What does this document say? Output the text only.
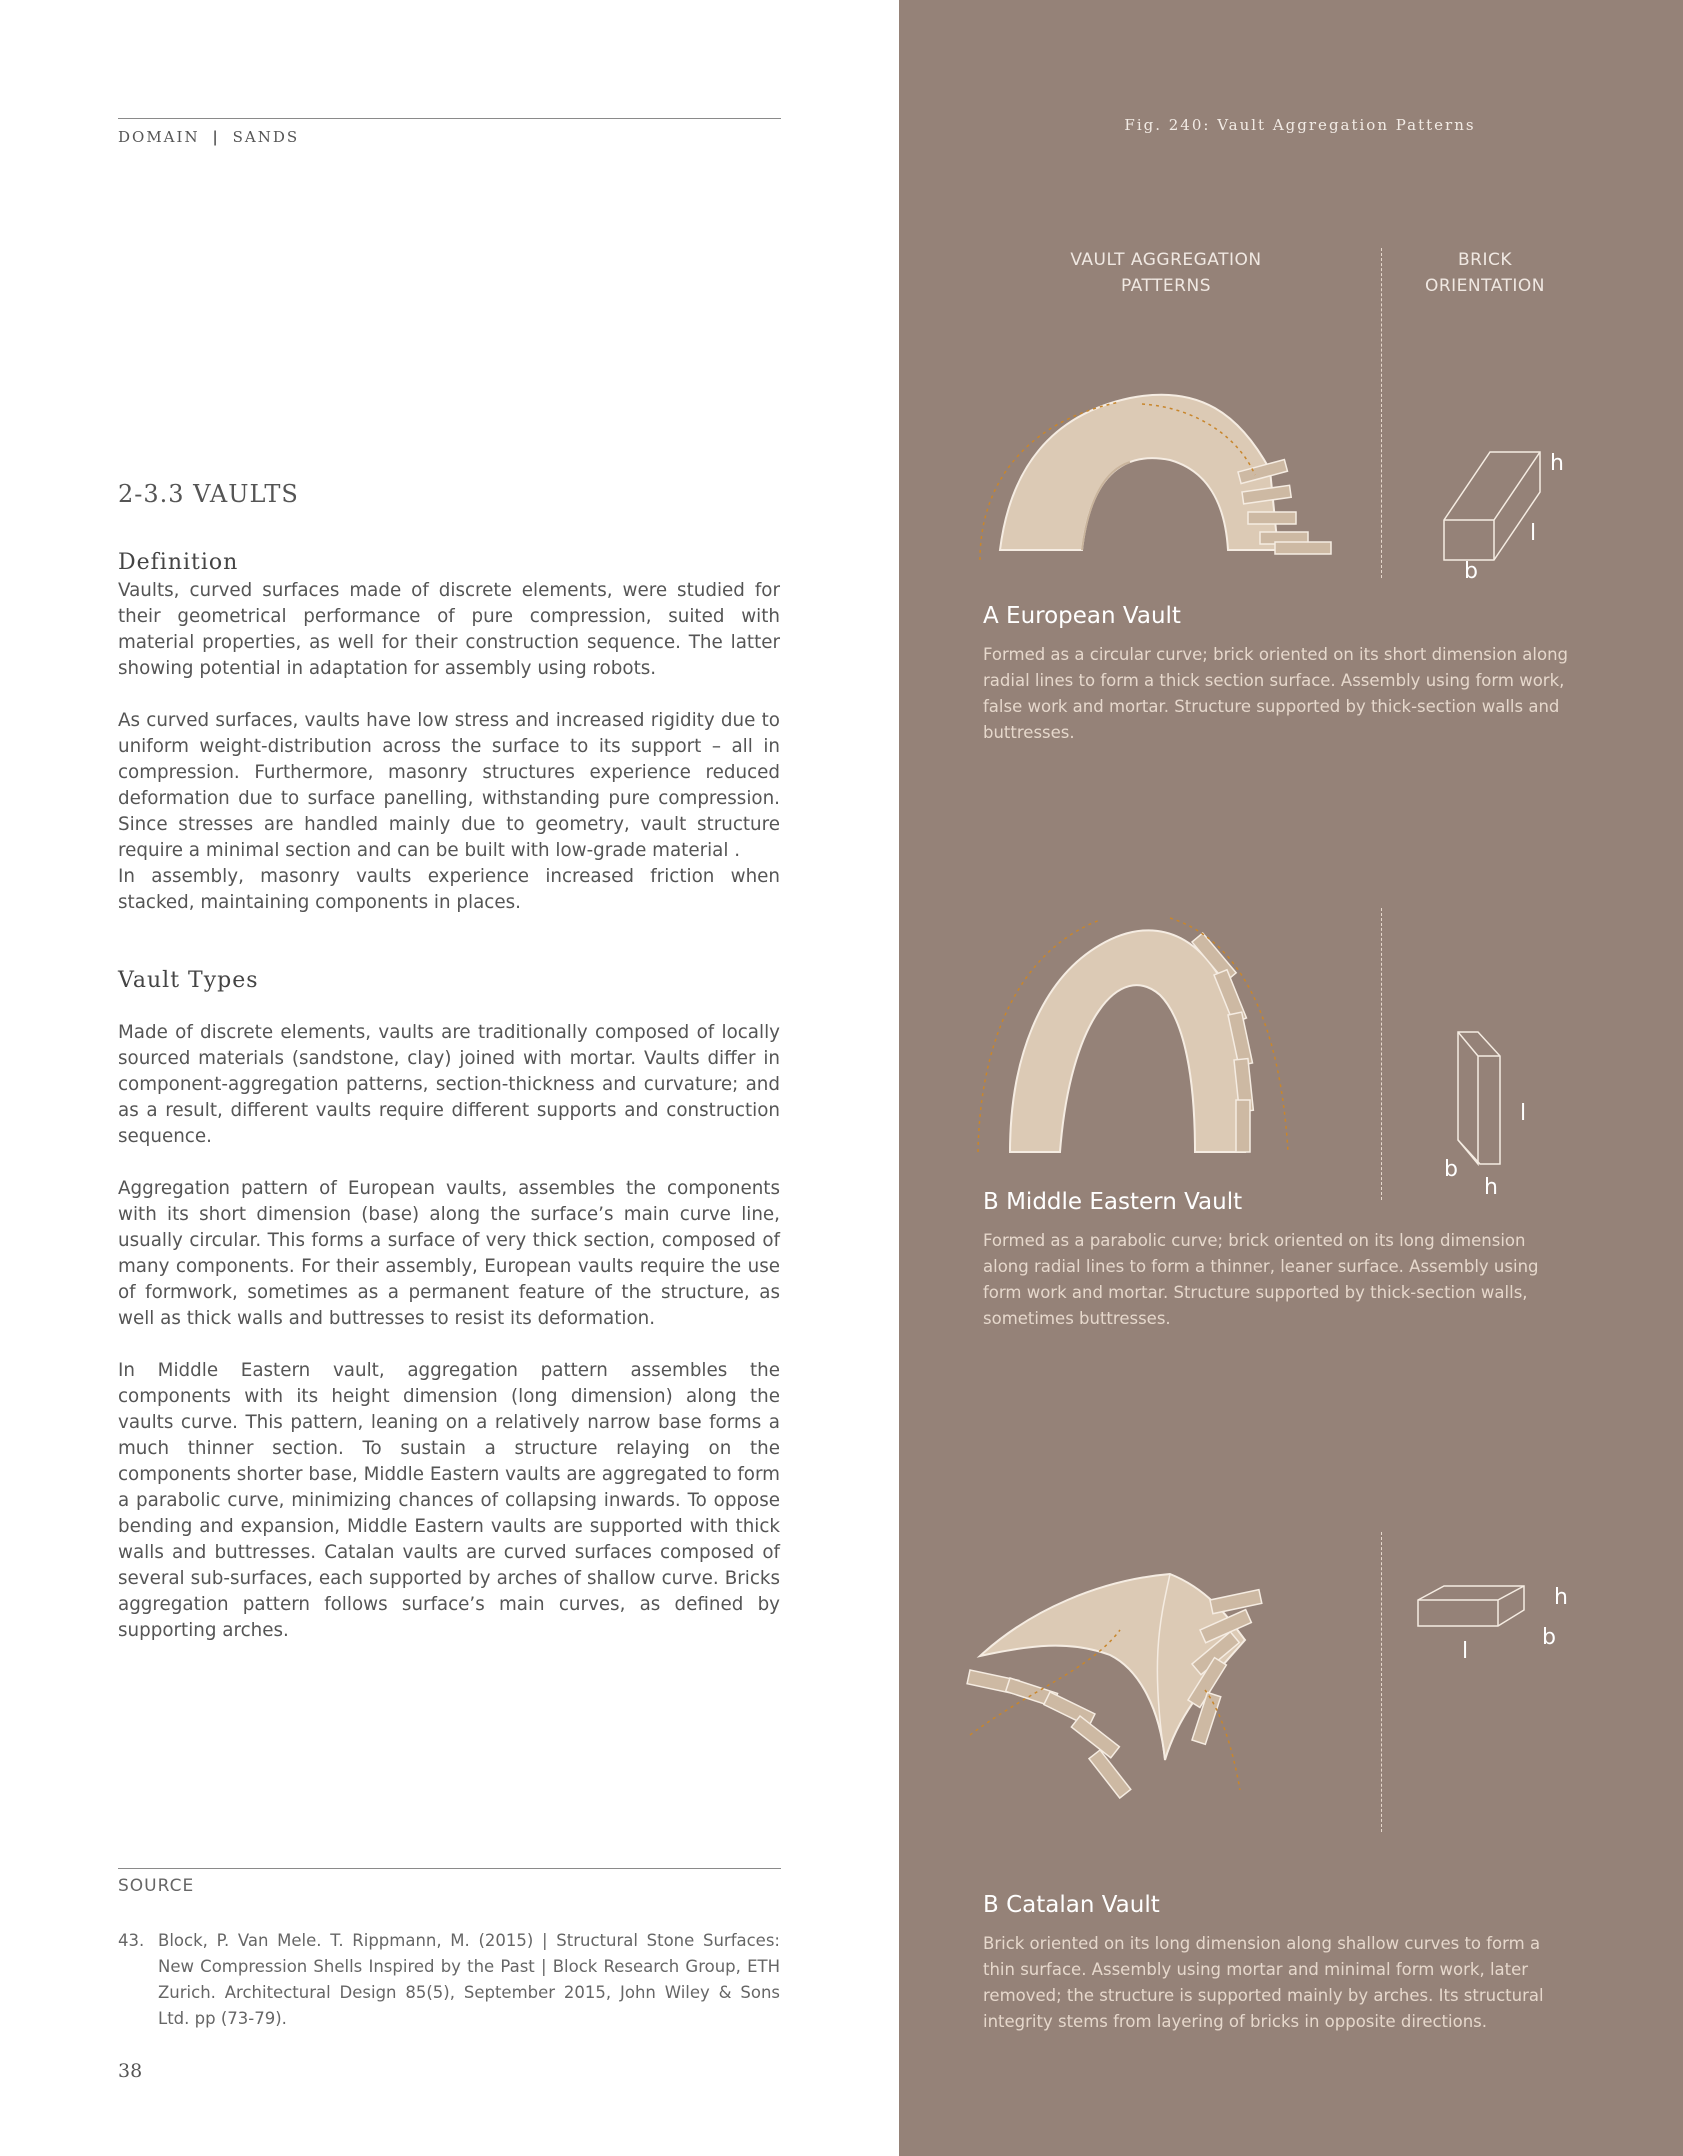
DOMAIN | SANDS
2-3.3 VAULTS
Definition

Vaults, curved surfaces made of discrete elements, were studied for their geometrical performance of pure compression, suited with material properties, as well for their construction sequence. The latter showing potential in adaptation for assembly using robots.

As curved surfaces, vaults have low stress and increased rigidity due to uniform weight-distribution across the surface to its support – all in compression. Furthermore, masonry structures experience reduced deformation due to surface panelling, withstanding pure compression. Since stresses are handled mainly due to geometry, vault structure require a minimal section and can be built with low-grade material .

In assembly, masonry vaults experience increased friction when stacked, maintaining components in places.

Vault Types

Made of discrete elements, vaults are traditionally composed of locally sourced materials (sandstone, clay) joined with mortar. Vaults differ in component-aggregation patterns, section-thickness and curvature; and as a result, different vaults require different supports and construction sequence.

Aggregation pattern of European vaults, assembles the components with its short dimension (base) along the surface’s main curve line, usually circular. This forms a surface of very thick section, composed of many components. For their assembly, European vaults require the use of formwork, sometimes as a permanent feature of the structure, as well as thick walls and buttresses to resist its deformation.

In Middle Eastern vault, aggregation pattern assembles the components with its height dimension (long dimension) along the vaults curve. This pattern, leaning on a relatively narrow base forms a much thinner section. To sustain a structure relaying on the components shorter base, Middle Eastern vaults are aggregated to form a parabolic curve, minimizing chances of collapsing inwards. To oppose bending and expansion, Middle Eastern vaults are supported with thick walls and buttresses. Catalan vaults are curved surfaces composed of several sub-surfaces, each supported by arches of shallow curve. Bricks aggregation pattern follows surface’s main curves, as defined by supporting arches.

SOURCE
43. Block, P. Van Mele. T. Rippmann, M. (2015) | Structural Stone Surfaces: New Compression Shells Inspired by the Past | Block Research Group, ETH Zurich. Architectural Design 85(5), September 2015, John Wiley & Sons Ltd. pp (73-79).
38
Fig. 240: Vault Aggregation Patterns
VAULT AGGREGATION
PATTERNS
BRICK
ORIENTATION
h
l
b
A European Vault

Formed as a circular curve; brick oriented on its short dimension along radial lines to form a thick section surface. Assembly using form work, false work and mortar. Structure supported by thick-section walls and buttresses.

l
b
h
B Middle Eastern Vault

Formed as a parabolic curve; brick oriented on its long dimension along radial lines to form a thinner, leaner surface. Assembly using form work and mortar. Structure supported by thick-section walls, sometimes buttresses.

h
b
l
B Catalan Vault

Brick oriented on its long dimension along shallow curves to form a thin surface. Assembly using mortar and minimal form work, later removed; the structure is supported mainly by arches. Its structural integrity stems from layering of bricks in opposite directions.
